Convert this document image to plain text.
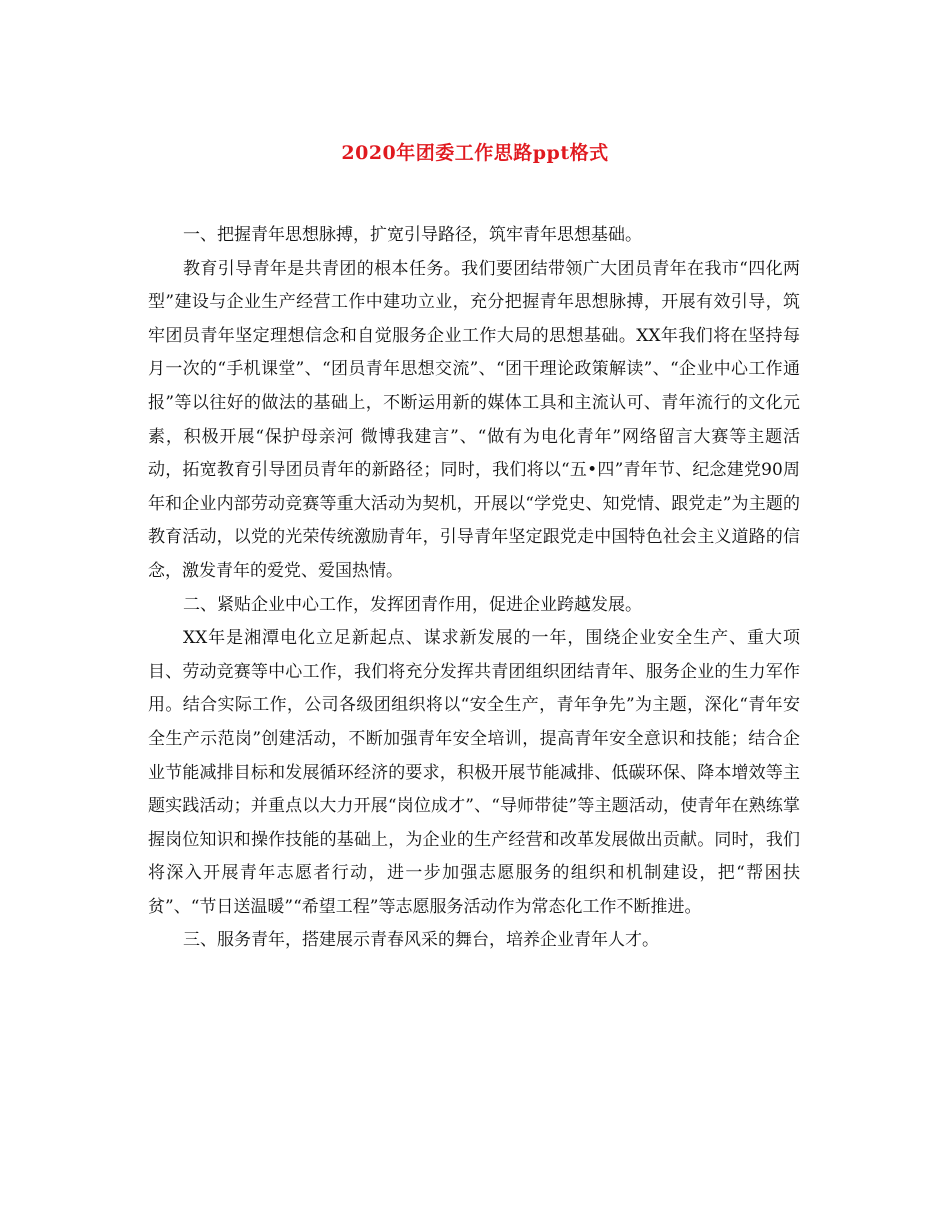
2020年团委工作思路ppt格式

一、把握青年思想脉搏，扩宽引导路径，筑牢青年思想基础。

教育引导青年是共青团的根本任务。我们要团结带领广大团员青年在我市“四化两型”建设与企业生产经营工作中建功立业，充分把握青年思想脉搏，开展有效引导，筑牢团员青年坚定理想信念和自觉服务企业工作大局的思想基础。XX年我们将在坚持每月一次的“手机课堂”、“团员青年思想交流”、“团干理论政策解读”、“企业中心工作通报”等以往好的做法的基础上，不断运用新的媒体工具和主流认可、青年流行的文化元素，积极开展“保护母亲河 微博我建言”、“做有为电化青年”网络留言大赛等主题活动，拓宽教育引导团员青年的新路径；同时，我们将以“五•四”青年节、纪念建党90周年和企业内部劳动竞赛等重大活动为契机，开展以“学党史、知党情、跟党走”为主题的教育活动，以党的光荣传统激励青年，引导青年坚定跟党走中国特色社会主义道路的信念，激发青年的爱党、爱国热情。

二、紧贴企业中心工作，发挥团青作用，促进企业跨越发展。

XX年是湘潭电化立足新起点、谋求新发展的一年，围绕企业安全生产、重大项目、劳动竞赛等中心工作，我们将充分发挥共青团组织团结青年、服务企业的生力军作用。结合实际工作，公司各级团组织将以“安全生产，青年争先”为主题，深化“青年安全生产示范岗”创建活动，不断加强青年安全培训，提高青年安全意识和技能；结合企业节能减排目标和发展循环经济的要求，积极开展节能减排、低碳环保、降本增效等主题实践活动；并重点以大力开展“岗位成才”、“导师带徒”等主题活动，使青年在熟练掌握岗位知识和操作技能的基础上，为企业的生产经营和改革发展做出贡献。同时，我们将深入开展青年志愿者行动，进一步加强志愿服务的组织和机制建设，把“帮困扶贫”、“节日送温暖”“希望工程”等志愿服务活动作为常态化工作不断推进。

三、服务青年，搭建展示青春风采的舞台，培养企业青年人才。
